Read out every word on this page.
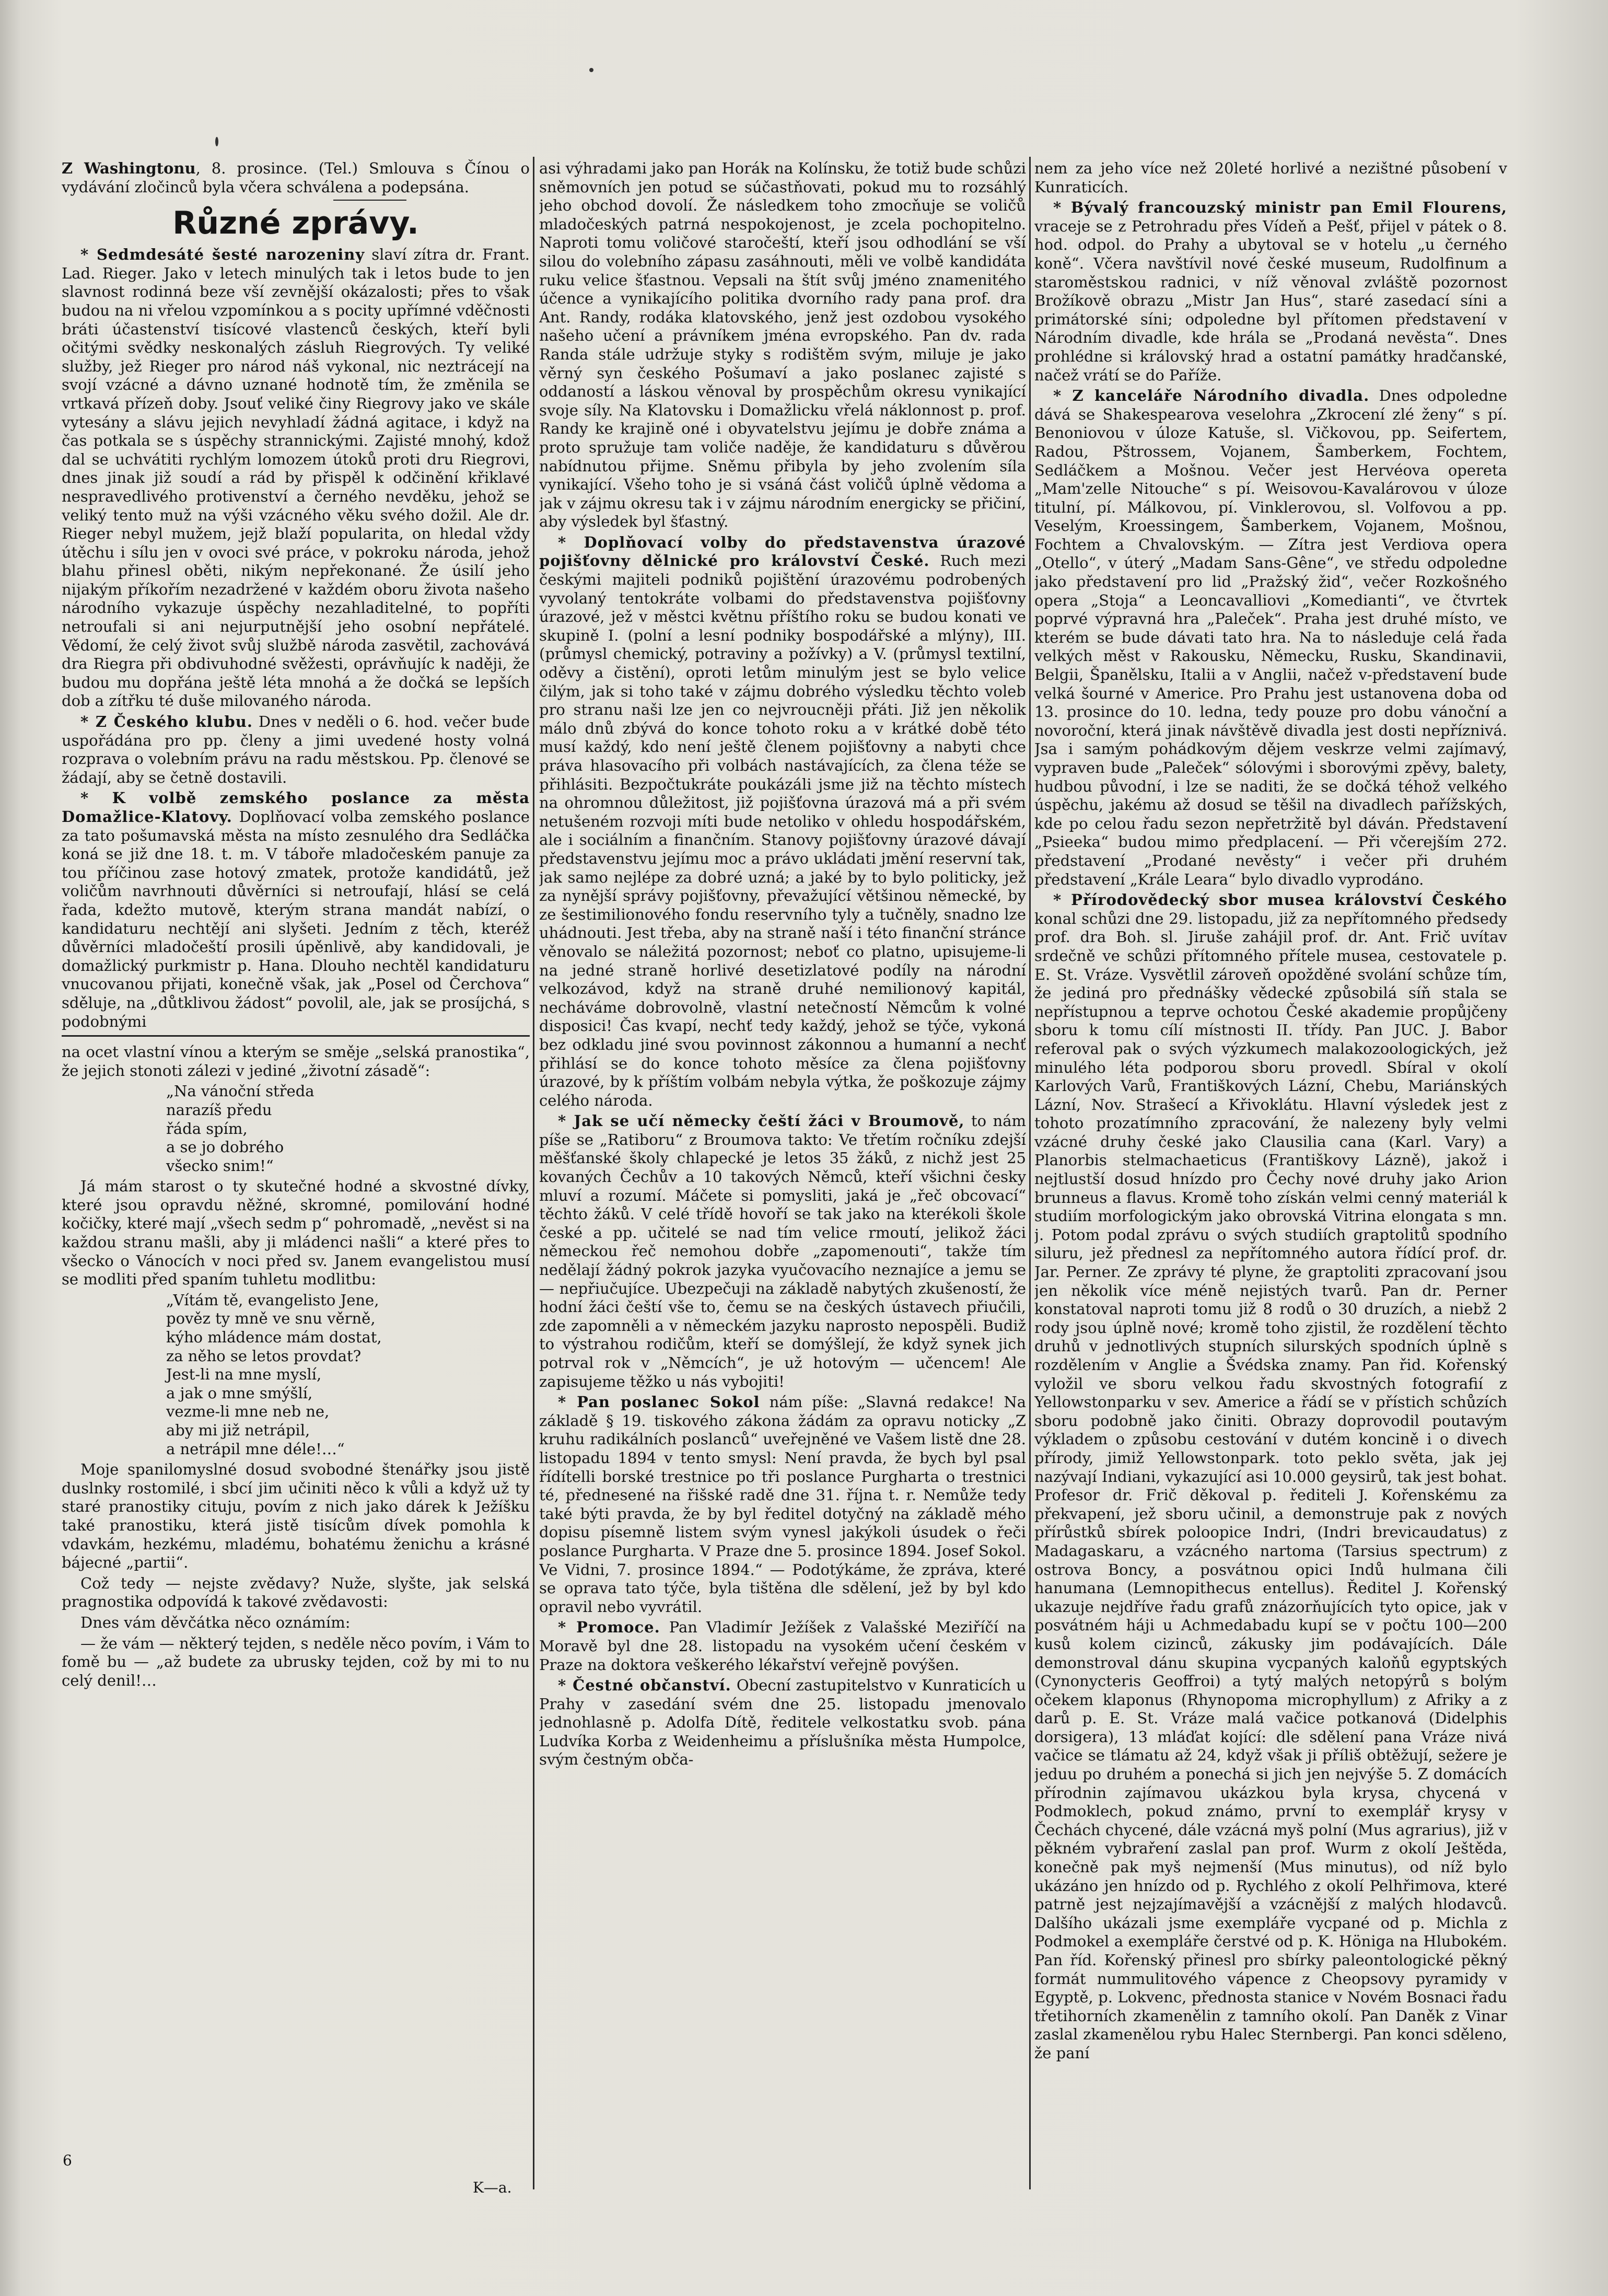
Z Washingtonu, 8. prosince. (Tel.) Smlouva s Čínou o vydávání zločinců byla včera schválena a podepsána.

Různé zprávy.

* Sedmdesáté šesté narozeniny slaví zítra dr. Frant. Lad. Rieger. Jako v letech minulých tak i letos bude to jen slavnost rodinná beze vší zevnější okázalosti; přes to však budou na ni vřelou vzpomínkou a s pocity upřímné vděčnosti bráti účastenství tisícové vlastenců českých, kteří byli očitými svědky neskonalých zásluh Riegrových. Ty veliké služby, jež Rieger pro národ náš vykonal, nic neztrácejí na svojí vzácné a dávno uznané hodnotě tím, že změnila se vrtkavá přízeň doby. Jsouť veliké činy Riegrovy jako ve skále vytesány a slávu jejich nevyhladí žádná agitace, i když na čas potkala se s úspěchy strannickými. Zajisté mnohý, kdož dal se uchvátiti rychlým lomozem útoků proti dru Riegrovi, dnes jinak již soudí a rád by přispěl k odčinění křiklavé nespravedlivého protivenství a černého nevděku, jehož se veliký tento muž na výši vzácného věku svého dožil. Ale dr. Rieger nebyl mužem, jejž blaží popularita, on hledal vždy útěchu i sílu jen v ovoci své práce, v pokroku národa, jehož blahu přinesl oběti, nikým nepřekonané. Že úsilí jeho nijakým příkořím nezadržené v každém oboru života našeho národního vykazuje úspěchy nezahladitelné, to popříti netroufali si ani nejurputnější jeho osobní nepřátelé. Vědomí, že celý život svůj službě národa zasvětil, zachovává dra Riegra při obdivuhodné svěžesti, oprávňujíc k naději, že budou mu dopřána ještě léta mnohá a že dočká se lepších dob a zítřku té duše milovaného národa.

* Z Českého klubu. Dnes v neděli o 6. hod. večer bude uspořádána pro pp. členy a jimi uvedené hosty volná rozprava o volebním právu na radu městskou. Pp. členové se žádají, aby se četně dostavili.

* K volbě zemského poslance za města Domažlice-Klatovy. Doplňovací volba zemského poslance za tato pošumavská města na místo zesnulého dra Sedláčka koná se již dne 18. t. m. V táboře mladočeském panuje za tou příčinou zase hotový zmatek, protože kandidátů, jež voličům navrhnouti důvěrníci si netroufají, hlásí se celá řada, kdežto mutově, kterým strana mandát nabízí, o kandidaturu nechtějí ani slyšeti. Jedním z těch, kteréž důvěrníci mladočeští prosili úpěnlivě, aby kandidovali, je domažlický purkmistr p. Hana. Dlouho nechtěl kandidaturu vnucovanou přijati, konečně však, jak „Posel od Čerchova“ sděluje, na „důtklivou žádost“ povolil, ale, jak se prosíjchá, s podobnými

na ocet vlastní vínou a kterým se směje „selská pranostika“, že jejich stonoti zálezi v jediné „životní zásadě“:

„Na vánoční středa
narazíš předu
řáda spím,
a se jo dobrého
všecko snim!“

Já mám starost o ty skutečné hodné a skvostné dívky, které jsou opravdu něžné, skromné, pomilování hodné kočičky, které mají „všech sedm p“ pohromadě, „nevěst si na každou stranu mašli, aby ji mládenci našli“ a které přes to všecko o Vánocích v noci před sv. Janem evangelistou musí se modliti před spaním tuhletu modlitbu:

„Vítám tě, evangelisto Jene,
pověz ty mně ve snu věrně,
kýho mládence mám dostat,
za něho se letos provdat?
Jest-li na mne myslí,
a jak o mne smýšlí,
vezme-li mne neb ne,
aby mi již netrápil,
a netrápil mne déle!…“

Moje spanilomyslné dosud svobodné štenářky jsou jistě duslnky rostomilé, i sbcí jim učiniti něco k vůli a když už ty staré pranostiky cituju, povím z nich jako dárek k Ježíšku také pranostiku, která jistě tisícům dívek pomohla k vdavkám, hezkému, mladému, bohatému ženichu a krásné bájecné „partii“.

Což tedy — nejste zvědavy? Nuže, slyšte, jak selská pragnostika odpovídá k takové zvědavosti:

Dnes vám děvčátka něco oznámím:

— že vám — některý tejden, s neděle něco povím, i Vám to fomě bu — „až budete za ubrusky tejden, což by mi to nu celý denil!…

K—a.

asi výhradami jako pan Horák na Kolínsku, že totiž bude schůzi sněmovních jen potud se súčastňovati, pokud mu to rozsáhlý jeho obchod dovolí. Že následkem toho zmocňuje se voličů mladočeských patrná nespokojenost, je zcela pochopitelno. Naproti tomu voličové staročeští, kteří jsou odhodlání se vší silou do volebního zápasu zasáhnouti, měli ve volbě kandidáta ruku velice šťastnou. Vepsali na štít svůj jméno znamenitého účence a vynikajícího politika dvorního rady pana prof. dra Ant. Randy, rodáka klatovského, jenž jest ozdobou vysokého našeho učení a právníkem jména evropského. Pan dv. rada Randa stále udržuje styky s rodištěm svým, miluje je jako věrný syn českého Pošumaví a jako poslanec zajisté s oddaností a láskou věnoval by prospěchům okresu vynikající svoje síly. Na Klatovsku i Domažlicku vřelá náklonnost p. prof. Randy ke krajině oné i obyvatelstvu jejímu je dobře známa a proto spružuje tam voliče naděje, že kandidaturu s důvěrou nabídnutou přijme. Sněmu přibyla by jeho zvolením síla vynikající. Všeho toho je si vsáná část voličů úplně vědoma a jak v zájmu okresu tak i v zájmu národním energicky se přičiní, aby výsledek byl šťastný.

* Doplňovací volby do představenstva úrazové pojišťovny dělnické pro království České. Ruch mezi českými majiteli podniků pojištění úrazovému podrobených vyvolaný tentokráte volbami do představenstva pojišťovny úrazové, jež v městci květnu příštího roku se budou konati ve skupině I. (polní a lesní podniky bospodářské a mlýny), III. (průmysl chemický, potraviny a požívky) a V. (průmysl textilní, oděvy a čistění), oproti letům minulým jest se bylo velice čilým, jak si toho také v zájmu dobrého výsledku těchto voleb pro stranu naši lze jen co nejvroucněji přáti. Již jen několik málo dnů zbývá do konce tohoto roku a v krátké době této musí každý, kdo není ještě členem pojišťovny a nabyti chce práva hlasovacího při volbách nastávajících, za člena téže se přihlásiti. Bezpočtukráte poukázáli jsme již na těchto místech na ohromnou důležitost, již pojišťovna úrazová má a při svém netušeném rozvoji míti bude netoliko v ohledu hospodářském, ale i sociálním a finančním. Stanovy pojišťovny úrazové dávají představenstvu jejímu moc a právo ukládati jmění reservní tak, jak samo nejlépe za dobré uzná; a jaké by to bylo politicky, jež za nynější správy pojišťovny, převažující většinou německé, by ze šestimilionového fondu reservního tyly a tučněly, snadno lze uhádnouti. Jest třeba, aby na straně naší i této finanční stránce věnovalo se náležitá pozornost; neboť co platno, upisujeme-li na jedné straně horlivé desetizlatové podíly na národní velkozávod, když na straně druhé nemilionový kapitál, necháváme dobrovolně, vlastní netečností Němcům k volné disposici! Čas kvapí, nechť tedy každý, jehož se týče, vykoná bez odkladu jiné svou povinnost zákonnou a humanní a nechť přihlásí se do konce tohoto měsíce za člena pojišťovny úrazové, by k příštím volbám nebyla výtka, že poškozuje zájmy celého národa.

* Jak se učí německy čeští žáci v Broumově, to nám píše se „Ratiboru“ z Broumova takto: Ve třetím ročníku zdejší měšťanské školy chlapecké je letos 35 žáků, z nichž jest 25 kovaných Čechův a 10 takových Němců, kteří všichni česky mluví a rozumí. Máčete si pomysliti, jaká je „řeč obcovací“ těchto žáků. V celé třídě hovoří se tak jako na kterékoli škole české a pp. učitelé se nad tím velice rmoutí, jelikož žáci německou řeč nemohou dobře „zapomenouti“, takže tím nedělají žádný pokrok jazyka vyučovacího neznajíce a jemu se — nepřiučujíce. Ubezpečuji na základě nabytých zkušeností, že hodní žáci čeští vše to, čemu se na českých ústavech přiučili, zde zapomněli a v německém jazyku naprosto nepospěli. Budiž to výstrahou rodičům, kteří se domýšlejí, že když synek jich potrval rok v „Němcích“, je už hotovým — učencem! Ale zapisujeme těžko u nás vybojiti!

* Pan poslanec Sokol nám píše: „Slavná redakce! Na základě § 19. tiskového zákona žádám za opravu noticky „Z kruhu radikálních poslanců“ uveřejněné ve Vašem listě dne 28. listopadu 1894 v tento smysl: Není pravda, že bych byl psal řídítelli borské trestnice po tři poslance Purgharta o trestnici té, přednesené na řišské radě dne 31. října t. r. Nemůže tedy také býti pravda, že by byl ředitel dotyčný na základě mého dopisu písemně listem svým vynesl jakýkoli úsudek o řeči poslance Purgharta. V Praze dne 5. prosince 1894. Josef Sokol. Ve Vidni, 7. prosince 1894.“ — Podotýkáme, že zpráva, které se oprava tato týče, byla tištěna dle sdělení, jež by byl kdo opravil nebo vyvrátil.

* Promoce. Pan Vladimír Ježíšek z Valašské Meziříčí na Moravě byl dne 28. listopadu na vysokém učení českém v Praze na doktora veškerého lékařství veřejně povýšen.

* Čestné občanství. Obecní zastupitelstvo v Kunraticích u Prahy v zasedání svém dne 25. listopadu jmenovalo jednohlasně p. Adolfa Dítě, ředitele velkostatku svob. pána Ludvíka Korba z Weidenheimu a příslušníka města Humpolce, svým čestným obča-

nem za jeho více než 20leté horlivé a nezištné působení v Kunraticích.

* Bývalý francouzský ministr pan Emil Flourens, vraceje se z Petrohradu přes Vídeň a Pešť, přijel v pátek o 8. hod. odpol. do Prahy a ubytoval se v hotelu „u černého koně“. Včera navštívil nové české museum, Rudolfinum a staroměstskou radnici, v níž věnoval zvláště pozornost Brožíkově obrazu „Mistr Jan Hus“, staré zasedací síni a primátorské síni; odpoledne byl přítomen představení v Národním divadle, kde hrála se „Prodaná nevěsta“. Dnes prohlédne si královský hrad a ostatní památky hradčanské, načež vrátí se do Paříže.

* Z kanceláře Národního divadla. Dnes odpoledne dává se Shakespearova veselohra „Zkrocení zlé ženy“ s pí. Benoniovou v úloze Katuše, sl. Vičkovou, pp. Seifertem, Radou, Pštrossem, Vojanem, Šamberkem, Fochtem, Sedláčkem a Mošnou. Večer jest Hervéova opereta „Mam'zelle Nitouche“ s pí. Weisovou-Kavalárovou v úloze titulní, pí. Málkovou, pí. Vinklerovou, sl. Volfovou a pp. Veselým, Kroessingem, Šamberkem, Vojanem, Mošnou, Fochtem a Chvalovským. — Zítra jest Verdiova opera „Otello“, v úterý „Madam Sans-Gêne“, ve středu odpoledne jako představení pro lid „Pražský žid“, večer Rozkošného opera „Stoja“ a Leoncavalliovi „Komedianti“, ve čtvrtek poprvé výpravná hra „Paleček“. Praha jest druhé místo, ve kterém se bude dávati tato hra. Na to následuje celá řada velkých měst v Rakousku, Německu, Rusku, Skandinavii, Belgii, Španělsku, Italii a v Anglii, načež v-představení bude velká šourné v Americe. Pro Prahu jest ustanovena doba od 13. prosince do 10. ledna, tedy pouze pro dobu vánoční a novoroční, která jinak návštěvě divadla jest dosti nepříznivá. Jsa i samým pohádkovým dějem veskrze velmi zajímavý, vypraven bude „Paleček“ sólovými i sborovými zpěvy, balety, hudbou původní, i lze se naditi, že se dočká téhož velkého úspěchu, jakému až dosud se těšil na divadlech pařížských, kde po celou řadu sezon nepřetržitě byl dáván. Představení „Psieeka“ budou mimo předplacení. — Při včerejším 272. představení „Prodané nevěsty“ i večer při druhém představení „Krále Leara“ bylo divadlo vyprodáno.

* Přírodovědecký sbor musea království Českého konal schůzi dne 29. listopadu, již za nepřítomného předsedy prof. dra Boh. sl. Jiruše zahájil prof. dr. Ant. Frič uvítav srdečně ve schůzi přítomného přítele musea, cestovatele p. E. St. Vráze. Vysvětlil zároveň opožděné svolání schůze tím, že jediná pro přednášky vědecké způsobilá síň stala se nepřístupnou a teprve ochotou České akademie propůjčeny sboru k tomu cílí místnosti II. třídy. Pan JUC. J. Babor referoval pak o svých výzkumech malakozoologických, jež minulého léta podporou sboru provedl. Sbíral v okolí Karlových Varů, Františkových Lázní, Chebu, Mariánských Lázní, Nov. Strašecí a Křivoklátu. Hlavní výsledek jest z tohoto prozatímního zpracování, že nalezeny byly velmi vzácné druhy české jako Clausilia cana (Karl. Vary) a Planorbis stelmachaeticus (Františkovy Lázně), jakož i nejtlustší dosud hnízdo pro Čechy nové druhy jako Arion brunneus a flavus. Kromě toho získán velmi cenný materiál k studiím morfologickým jako obrovská Vitrina elongata s mn. j. Potom podal zprávu o svých studiích graptolitů spodního siluru, jež přednesl za nepřítomného autora řídící prof. dr. Jar. Perner. Ze zprávy té plyne, že graptoliti zpracovaní jsou jen několik více méně nejistých tvarů. Pan dr. Perner konstatoval naproti tomu již 8 rodů o 30 druzích, a niebž 2 rody jsou úplně nové; kromě toho zjistil, že rozdělení těchto druhů v jednotlivých stupních silurských spodních úplně s rozdělením v Anglie a Švédska znamy. Pan řid. Kořenský vyložil ve sboru velkou řadu skvostných fotografií z Yellowstonparku v sev. Americe a řádí se v přístich schůzích sboru podobně jako činiti. Obrazy doprovodil poutavým výkladem o způsobu cestování v dutém koncině i o divech přírody, jimiž Yellowstonpark. toto peklo světa, jak jej nazývají Indiani, vykazující asi 10.000 geysirů, tak jest bohat. Profesor dr. Frič děkoval p. řediteli J. Kořenskému za překvapení, jež sboru učinil, a demonstruje pak z nových přírůstků sbírek poloopice Indri, (Indri brevicaudatus) z Madagaskaru, a vzácného nartoma (Tarsius spectrum) z ostrova Boncy, a posvátnou opici Indů hulmana čili hanumana (Lemnopithecus entellus). Ředitel J. Kořenský ukazuje nejdříve řadu grafů znázorňujících tyto opice, jak v posvátném háji u Achmedabadu kupí se v počtu 100—200 kusů kolem cizinců, zákusky jim podávajících. Dále demonstroval dánu skupina vycpaných kaloňů egyptských (Cynonycteris Geoffroi) a tytý malých netopýrů s bolým očekem klaponus (Rhynopoma microphyllum) z Afriky a z darů p. E. St. Vráze malá vačice potkanová (Didelphis dorsigera), 13 mláďat kojící: dle sdělení pana Vráze nivá vačice se tlámatu až 24, když však ji příliš obtěžují, sežere je jeduu po druhém a ponechá si jich jen nejvýše 5. Z domácích přírodnin zajímavou ukázkou byla krysa, chycená v Podmoklech, pokud známo, první to exemplář krysy v Čechách chycené, dále vzácná myš polní (Mus agrarius), již v pěkném vybraření zaslal pan prof. Wurm z okolí Ještěda, konečně pak myš nejmenší (Mus minutus), od níž bylo ukázáno jen hnízdo od p. Rychlého z okolí Pelhřimova, které patrně jest nejzajímavější a vzácnější z malých hlodavců. Dalšího ukázali jsme exempláře vycpané od p. Michla z Podmokel a exempláře čerstvé od p. K. Höniga na Hlubokém. Pan říd. Kořenský přinesl pro sbírky paleontologické pěkný formát nummulitového vápence z Cheopsovy pyramidy v Egyptě, p. Lokvenc, přednosta stanice v Novém Bosnaci řadu třetihorních zkamenělin z tamního okolí. Pan Daněk z Vinar zaslal zkamenělou rybu Halec Sternbergi. Pan konci sděleno, že paní

6
